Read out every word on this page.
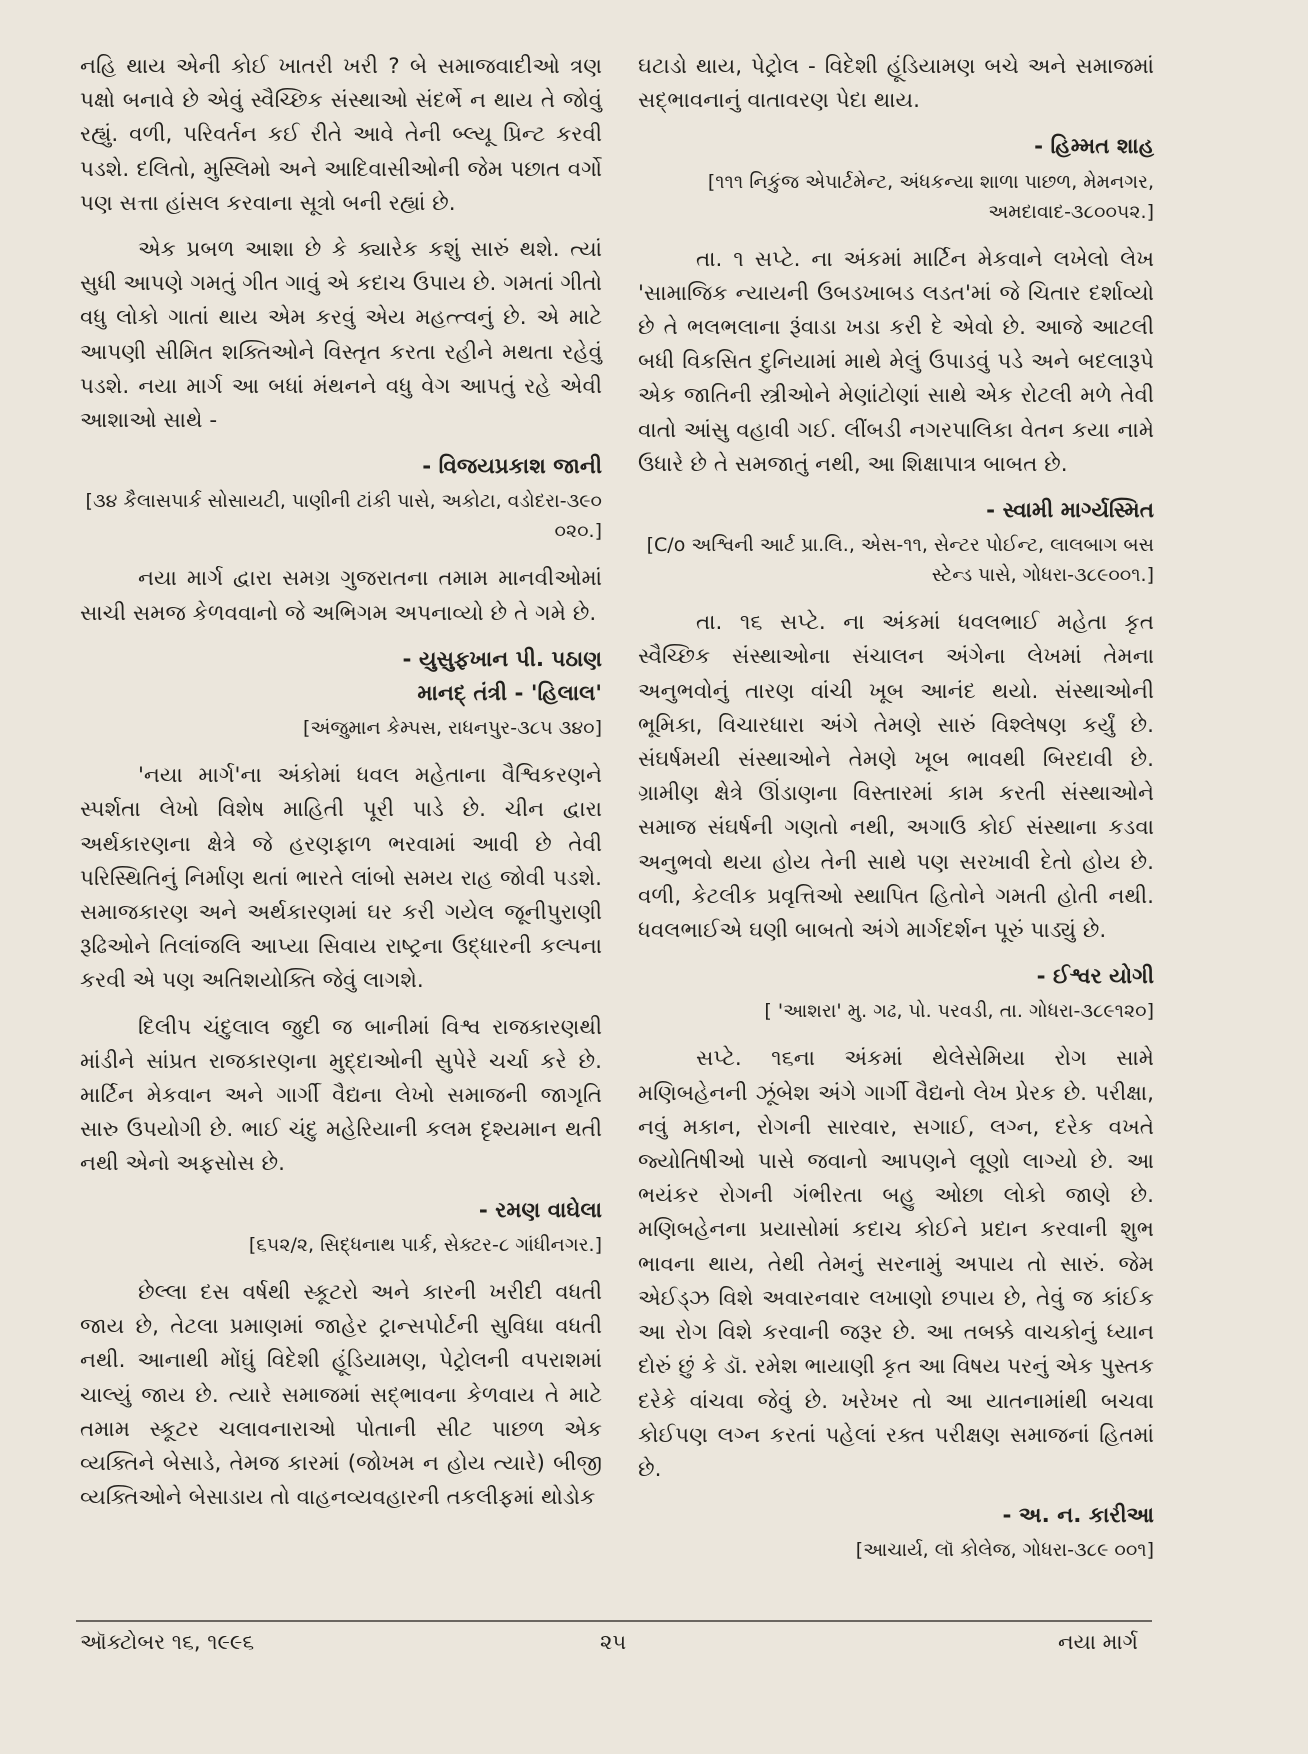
નહિ થાય એની કોઈ ખાતરી ખરી ? બે સમાજવાદીઓ ત્રણ પક્ષો બનાવે છે એવું સ્વૈચ્છિક સંસ્થાઓ સંદર્ભે ન થાય તે જોવું રહ્યું. વળી, પરિવર્તન કઈ રીતે આવે તેની બ્લ્યૂ પ્રિન્ટ કરવી પડશે. દલિતો, મુસ્લિમો અને આદિવાસીઓની જેમ પછાત વર્ગો પણ સત્તા હાંસલ કરવાના સૂત્રો બની રહ્યાં છે.

એક પ્રબળ આશા છે કે ક્યારેક કશું સારું થશે. ત્યાં સુધી આપણે ગમતું ગીત ગાવું એ કદાચ ઉપાય છે. ગમતાં ગીતો વધુ લોકો ગાતાં થાય એમ કરવું એય મહત્ત્વનું છે. એ માટે આપણી સીમિત શક્તિઓને વિસ્તૃત કરતા રહીને મથતા રહેવું પડશે. નયા માર્ગ આ બધાં મંથનને વધુ વેગ આપતું રહે એવી આશાઓ સાથે -

- વિજયપ્રકાશ જાની
[૩૪ કૈલાસપાર્ક સોસાયટી, પાણીની ટાંકી પાસે, અકોટા, વડોદરા-૩૯૦ ૦૨૦.]

નયા માર્ગ દ્વારા સમગ્ર ગુજરાતના તમામ માનવીઓમાં સાચી સમજ કેળવવાનો જે અભિગમ અપનાવ્યો છે તે ગમે છે.

- યુસુફખાન પી. પઠાણ
માનદ્ તંત્રી - 'હિલાલ'
[અંજુમાન કેમ્પસ, રાધનપુર-૩૮૫ ૩૪૦]

'નયા માર્ગ'ના અંકોમાં ધવલ મહેતાના વૈશ્વિકરણને સ્પર્શતા લેખો વિશેષ માહિતી પૂરી પાડે છે. ચીન દ્વારા અર્થકારણના ક્ષેત્રે જે હરણફાળ ભરવામાં આવી છે તેવી પરિસ્થિતિનું નિર્માણ થતાં ભારતે લાંબો સમય રાહ જોવી પડશે. સમાજકારણ અને અર્થકારણમાં ઘર કરી ગયેલ જૂનીપુરાણી રૂઢિઓને તિલાંજલિ આપ્યા સિવાય રાષ્ટ્રના ઉદ્ધારની કલ્પના કરવી એ પણ અતિશયોક્તિ જેવું લાગશે.

દિલીપ ચંદુલાલ જુદી જ બાનીમાં વિશ્વ રાજકારણથી માંડીને સાંપ્રત રાજકારણના મુદ્દાઓની સુપેરે ચર્ચા કરે છે. માર્ટિન મેકવાન અને ગાર્ગી વૈદ્યના લેખો સમાજની જાગૃતિ સારુ ઉપયોગી છે. ભાઈ ચંદુ મહેરિયાની કલમ દૃશ્યમાન થતી નથી એનો અફસોસ છે.

- રમણ વાઘેલા
[૬૫૨/૨, સિદ્ધનાથ પાર્ક, સેક્ટર-૮ ગાંધીનગર.]

છેલ્લા દસ વર્ષથી સ્કૂટરો અને કારની ખરીદી વધતી જાય છે, તેટલા પ્રમાણમાં જાહેર ટ્રાન્સપોર્ટની સુવિધા વધતી નથી. આનાથી મોંઘું વિદેશી હૂંડિયામણ, પેટ્રોલની વપરાશમાં ચાલ્યું જાય છે. ત્યારે સમાજમાં સદ્ભાવના કેળવાય તે માટે તમામ સ્કૂટર ચલાવનારાઓ પોતાની સીટ પાછળ એક વ્યક્તિને બેસાડે, તેમજ કારમાં (જોખમ ન હોય ત્યારે) બીજી વ્યક્તિઓને બેસાડાય તો વાહનવ્યવહારની તકલીફમાં થોડોક

ઘટાડો થાય, પેટ્રોલ - વિદેશી હૂંડિયામણ બચે અને સમાજમાં સદ્ભાવનાનું વાતાવરણ પેદા થાય.

- હિમ્મત શાહ
[૧૧૧ નિકુંજ એપાર્ટમેન્ટ, અંધકન્યા શાળા પાછળ, મેમનગર, અમદાવાદ-૩૮૦૦૫૨.]

તા. ૧ સપ્ટે. ના અંકમાં માર્ટિન મેકવાને લખેલો લેખ 'સામાજિક ન્યાયની ઉબડખાબડ લડત'માં જે ચિતાર દર્શાવ્યો છે તે ભલભલાના રૂંવાડા ખડા કરી દે એવો છે. આજે આટલી બધી વિકસિત દુનિયામાં માથે મેલું ઉપાડવું પડે અને બદલારૂપે એક જાતિની સ્ત્રીઓને મેણાંટોણાં સાથે એક રોટલી મળે તેવી વાતો આંસુ વહાવી ગઈ. લીંબડી નગરપાલિકા વેતન કયા નામે ઉધારે છે તે સમજાતું નથી, આ શિક્ષાપાત્ર બાબત છે.

- સ્વામી માર્ગ્યસ્મિત
[C/o અશ્વિની આર્ટ પ્રા.લિ., એસ-૧૧, સેન્ટર પોઈન્ટ, લાલબાગ બસ સ્ટેન્ડ પાસે, ગોધરા-૩૮૯૦૦૧.]

તા. ૧૬ સપ્ટે. ના અંકમાં ધવલભાઈ મહેતા કૃત સ્વૈચ્છિક સંસ્થાઓના સંચાલન અંગેના લેખમાં તેમના અનુભવોનું તારણ વાંચી ખૂબ આનંદ થયો. સંસ્થાઓની ભૂમિકા, વિચારધારા અંગે તેમણે સારું વિશ્લેષણ કર્યું છે. સંઘર્ષમયી સંસ્થાઓને તેમણે ખૂબ ભાવથી બિરદાવી છે. ગ્રામીણ ક્ષેત્રે ઊંડાણના વિસ્તારમાં કામ કરતી સંસ્થાઓને સમાજ સંઘર્ષની ગણતો નથી, અગાઉ કોઈ સંસ્થાના કડવા અનુભવો થયા હોય તેની સાથે પણ સરખાવી દેતો હોય છે. વળી, કેટલીક પ્રવૃત્તિઓ સ્થાપિત હિતોને ગમતી હોતી નથી. ધવલભાઈએ ઘણી બાબતો અંગે માર્ગદર્શન પૂરું પાડ્યું છે.

- ઈશ્વર યોગી
[ 'આશરા' મુ. ગઢ, પો. પરવડી, તા. ગોધરા-૩૮૯૧૨૦]

સપ્ટે. ૧૬ના અંકમાં થેલેસેમિયા રોગ સામે મણિબહેનની ઝૂંબેશ અંગે ગાર્ગી વૈદ્યનો લેખ પ્રેરક છે. પરીક્ષા, નવું મકાન, રોગની સારવાર, સગાઈ, લગ્ન, દરેક વખતે જ્યોતિષીઓ પાસે જવાનો આપણને લૂણો લાગ્યો છે. આ ભયંકર રોગની ગંભીરતા બહુ ઓછા લોકો જાણે છે. મણિબહેનના પ્રયાસોમાં કદાચ કોઈને પ્રદાન કરવાની શુભ ભાવના થાય, તેથી તેમનું સરનામું અપાય તો સારું. જેમ એઈડ્ઝ વિશે અવારનવાર લખાણો છપાય છે, તેવું જ કાંઈક આ રોગ વિશે કરવાની જરૂર છે. આ તબક્કે વાચકોનું ધ્યાન દોરું છું કે ડૉ. રમેશ ભાયાણી કૃત આ વિષય પરનું એક પુસ્તક દરેકે વાંચવા જેવું છે. ખરેખર તો આ યાતનામાંથી બચવા કોઈપણ લગ્ન કરતાં પહેલાં રક્ત પરીક્ષણ સમાજનાં હિતમાં છે.

- અ. ન. કારીઆ
[આચાર્ય, લૉ કોલેજ, ગોધરા-૩૮૯ ૦૦૧]
ઑક્ટોબર ૧૬, ૧૯૯૬	૨૫	નયા માર્ગ
